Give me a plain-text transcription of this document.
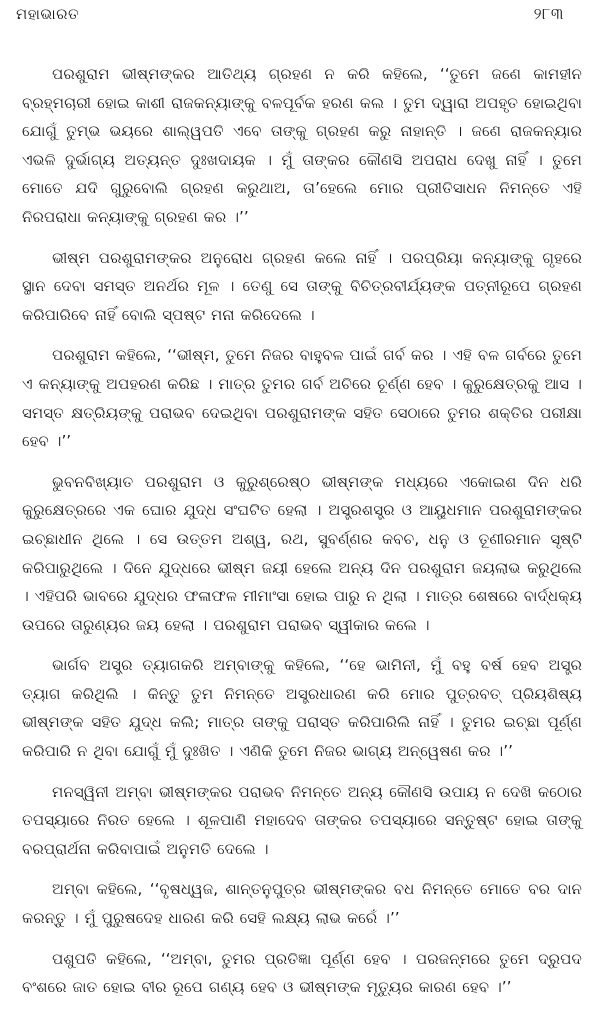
ମହାଭାରତ	୨୮୩

ପରଶୁରାମ ଭୀଷ୍ମଙ୍କର ଆତିଥ୍ୟ ଗ୍ରହଣ ନ କରି କହିଲେ, ‘‘ତୁମେ ଜଣେ କାମହୀନ ବ୍ରହ୍ମଚାରୀ ହୋଇ କାଶୀ ରାଜକନ୍ୟାଙ୍କୁ ବଳପୂର୍ବକ ହରଣ କଲ । ତୁମ ଦ୍ୱାରା ଅପହୃତ ହୋଇଥିବା ଯୋଗୁଁ ତୁମ୍ଭ ଭୟରେ ଶାଲ୍ୱପତି ଏବେ ତାଙ୍କୁ ଗ୍ରହଣ କରୁ ନାହାନ୍ତି । ଜଣେ ରାଜକନ୍ୟାର ଏଭଳି ଦୁର୍ଭାଗ୍ୟ ଅତ୍ୟନ୍ତ ଦୁଃଖଦାୟକ । ମୁଁ ତାଙ୍କର କୌଣସି ଅପରାଧ ଦେଖୁ ନାହିଁ । ତୁମେ ମୋତେ ଯଦି ଗୁରୁବୋଲି ଗ୍ରହଣ କରୁଥାଅ, ତା’ହେଲେ ମୋର ପ୍ରୀତିସାଧନ ନିମନ୍ତେ ଏହି ନିରପରାଧା କନ୍ୟାଙ୍କୁ ଗ୍ରହଣ କର ।’’

ଭୀଷ୍ମ ପରଶୁରାମଙ୍କର ଅନୁରୋଧ ଗ୍ରହଣ କଲେ ନାହିଁ । ପରପ୍ରିୟା କନ୍ୟାଙ୍କୁ ଗୃହରେ ସ୍ଥାନ ଦେବା ସମସ୍ତ ଅନର୍ଥର ମୂଳ । ତେଣୁ ସେ ତାଙ୍କୁ ବିଚିତ୍ରବୀର୍ଯ୍ୟଙ୍କ ପତ୍ନୀରୂପେ ଗ୍ରହଣ କରିପାରିବେ ନାହିଁ ବୋଲି ସ୍ପଷ୍ଟ ମନା କରିଦେଲେ ।

ପରଶୁରାମ କହିଲେ, ‘‘ଭୀଷ୍ମ, ତୁମେ ନିଜର ବାହୁବଳ ପାଇଁ ଗର୍ବ କର । ଏହି ବଳ ଗର୍ବରେ ତୁମେ ଏ କନ୍ୟାଙ୍କୁ ଅପହରଣ କରିଛ । ମାତ୍ର ତୁମର ଗର୍ବ ଅଚିରେ ଚୂର୍ଣ୍ଣ ହେବ । କୁରୁକ୍ଷେତ୍ରକୁ ଆସ । ସମସ୍ତ କ୍ଷତ୍ରିୟଙ୍କୁ ପରାଭବ ଦେଇଥିବା ପରଶୁରାମଙ୍କ ସହିତ ସେଠାରେ ତୁମର ଶକ୍ତିର ପରୀକ୍ଷା ହେବ ।’’

ଭୁବନବିଖ୍ୟାତ ପରଶୁରାମ ଓ କୁରୁଶ୍ରେଷ୍ଠ ଭୀଷ୍ମଙ୍କ ମଧ୍ୟରେ ଏକୋଇଶ ଦିନ ଧରି କୁରୁକ୍ଷେତ୍ରରେ ଏକ ଘୋର ଯୁଦ୍ଧ ସଂଘଟିତ ହେଲା । ଅସ୍ତ୍ରଶସ୍ତ୍ର ଓ ଆୟୁଧମାନ ପରଶୁରାମଙ୍କର ଇଚ୍ଛାଧୀନ ଥିଲେ । ସେ ଉତ୍ତମ ଅଶ୍ୱ, ରଥ, ସୁବର୍ଣ୍ଣର କବଚ, ଧନୁ ଓ ତୂଣୀରମାନ ସୃଷ୍ଟି କରିପାରୁଥିଲେ । ଦିନେ ଯୁଦ୍ଧରେ ଭୀଷ୍ମ ଜୟୀ ହେଲେ ଅନ୍ୟ ଦିନ ପରଶୁରାମ ଜୟଲାଭ କରୁଥିଲେ । ଏହିପରି ଭାବରେ ଯୁଦ୍ଧର ଫଳାଫଳ ମୀମାଂସା ହୋଇ ପାରୁ ନ ଥିଲା । ମାତ୍ର ଶେଷରେ ବାର୍ଦ୍ଧକ୍ୟ ଉପରେ ତାରୁଣ୍ୟର ଜୟ ହେଲା । ପରଶୁରାମ ପରାଭବ ସ୍ୱୀକାର କଲେ ।

ଭାର୍ଗବ ଅସ୍ତ୍ର ତ୍ୟାଗକରି ଅମ୍ବାଙ୍କୁ କହିଲେ, ‘‘ହେ ଭାମିନୀ, ମୁଁ ବହୁ ବର୍ଷ ହେବ ଅସ୍ତ୍ର ତ୍ୟାଗ କରିଥିଲି । କିନ୍ତୁ ତୁମ ନିମନ୍ତେ ଅସ୍ତ୍ରଧାରଣ କରି ମୋର ପୁତ୍ରବତ୍ ପ୍ରିୟଶିଷ୍ୟ ଭୀଷ୍ମଙ୍କ ସହିତ ଯୁଦ୍ଧ କଲି; ମାତ୍ର ତାଙ୍କୁ ପରାସ୍ତ କରିପାରିଲି ନାହିଁ । ତୁମର ଇଚ୍ଛା ପୂର୍ଣ୍ଣ କରିପାରି ନ ଥିବା ଯୋଗୁଁ ମୁଁ ଦୁଃଖିତ । ଏଣିକି ତୁମେ ନିଜର ଭାଗ୍ୟ ଅନ୍ୱେଷଣ କର ।’’

ମନସ୍ୱିନୀ ଅମ୍ବା ଭୀଷ୍ମଙ୍କର ପରାଭବ ନିମନ୍ତେ ଅନ୍ୟ କୌଣସି ଉପାୟ ନ ଦେଖି କଠୋର ତପସ୍ୟାରେ ନିରତ ହେଲେ । ଶୂଳପାଣି ମହାଦେବ ତାଙ୍କର ତପସ୍ୟାରେ ସନ୍ତୁଷ୍ଟ ହୋଇ ତାଙ୍କୁ ବରପ୍ରାର୍ଥନା କରିବାପାଇଁ ଅନୁମତି ଦେଲେ ।

ଅମ୍ବା କହିଲେ, ‘‘ବୃଷଧ୍ୱଜ, ଶାନ୍ତନୁପୁତ୍ର ଭୀଷ୍ମଙ୍କର ବଧ ନିମନ୍ତେ ମୋତେ ବର ଦାନ କରନ୍ତୁ । ମୁଁ ପୁରୁଷଦେହ ଧାରଣ କରି ସେହି ଲକ୍ଷ୍ୟ ଲାଭ କରେଁ ।’’

ପଶୁପତି କହିଲେ, ‘‘ଅମ୍ବା, ତୁମର ପ୍ରତିଜ୍ଞା ପୂର୍ଣ୍ଣ ହେବ । ପରଜନ୍ମରେ ତୁମେ ଦ୍ରୁପଦ ବଂଶରେ ଜାତ ହୋଇ ବୀର ରୂପେ ଗଣ୍ୟ ହେବ ଓ ଭୀଷ୍ମଙ୍କ ମୃତ୍ୟୁର କାରଣ ହେବ ।’’
